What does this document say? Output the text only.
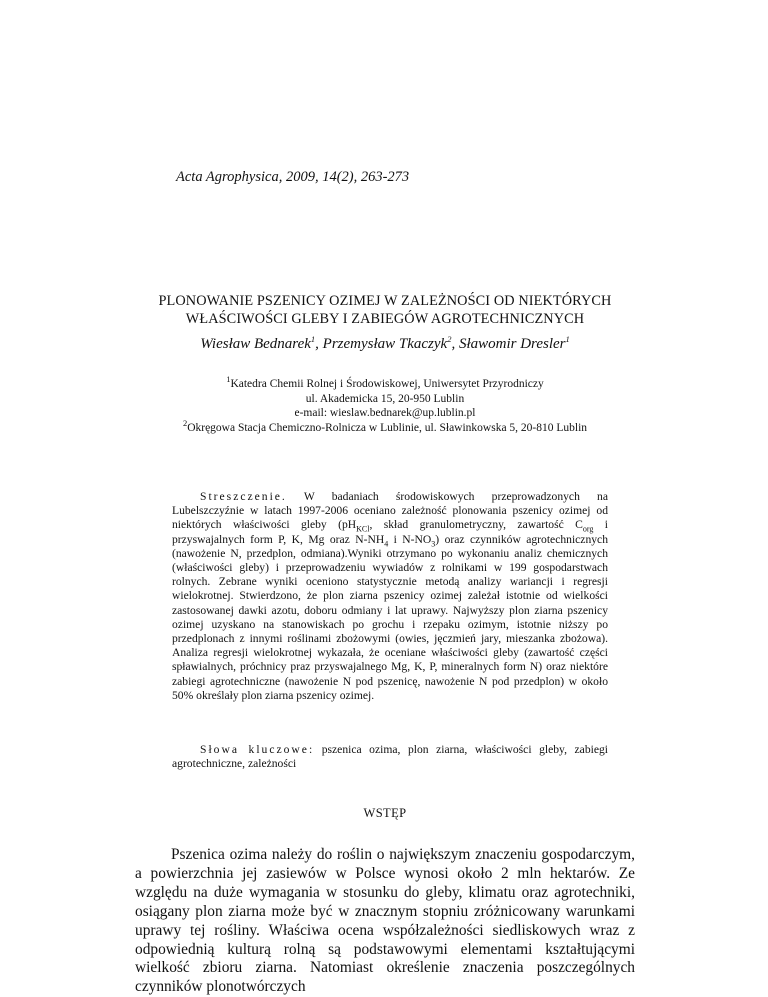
Acta Agrophysica, 2009, 14(2), 263-273
PLONOWANIE PSZENICY OZIMEJ W ZALEŻNOŚCI OD NIEKTÓRYCH
WŁAŚCIWOŚCI GLEBY I ZABIEGÓW AGROTECHNICZNYCH
Wiesław Bednarek$^1$, Przemysław Tkaczyk$^2$, Sławomir Dresler$^1$
$^1$Katedra Chemii Rolnej i Środowiskowej, Uniwersytet Przyrodniczy
ul. Akademicka 15, 20-950 Lublin
e-mail: wieslaw.bednarek@up.lublin.pl
$^2$Okręgowa Stacja Chemiczno-Rolnicza w Lublinie, ul. Sławinkowska 5, 20-810 Lublin

Streszczenie. W badaniach środowiskowych przeprowadzonych na Lubelszczyźnie w latach 1997-2006 oceniano zależność plonowania pszenicy ozimej od niektórych właściwości gleby ($pH_{KCl}$, skład granulometryczny, zawartość $C_{org}$ i przyswajalnych form P, K, Mg oraz $N-NH_4$ i $N-NO_3$) oraz czynników agrotechnicznych (nawożenie N, przedplon, odmiana).Wyniki otrzymano po wykonaniu analiz chemicznych (właściwości gleby) i przeprowadzeniu wywiadów z rolnikami w 199 gospodarstwach rolnych. Zebrane wyniki oceniono statystycznie metodą analizy wariancji i regresji wielokrotnej. Stwierdzono, że plon ziarna pszenicy ozimej zależał istotnie od wielkości zastosowanej dawki azotu, doboru odmiany i lat uprawy. Najwyższy plon ziarna pszenicy ozimej uzyskano na stanowiskach po grochu i rzepaku ozimym, istotnie niższy po przedplonach z innymi roślinami zbożowymi (owies, jęczmień jary, mieszanka zbożowa). Analiza regresji wielokrotnej wykazała, że oceniane właściwości gleby (zawartość części spławialnych, próchnicy praz przyswajalnego Mg, K, P, mineralnych form N) oraz niektóre zabiegi agrotechniczne (nawożenie N pod pszenicę, nawożenie N pod przedplon) w około 50% określały plon ziarna pszenicy ozimej.

Słowa kluczowe: pszenica ozima, plon ziarna, właściwości gleby, zabiegi agrotechniczne, zależności

WSTĘP

Pszenica ozima należy do roślin o największym znaczeniu gospodarczym, a powierzchnia jej zasiewów w Polsce wynosi około 2 mln hektarów. Ze względu na duże wymagania w stosunku do gleby, klimatu oraz agrotechniki, osiągany plon ziarna może być w znacznym stopniu zróżnicowany warunkami uprawy tej rośliny. Właściwa ocena współzależności siedliskowych wraz z odpowiednią kulturą rolną są podstawowymi elementami kształtującymi wielkość zbioru ziarna. Natomiast określenie znaczenia poszczególnych czynników plonotwórczych
